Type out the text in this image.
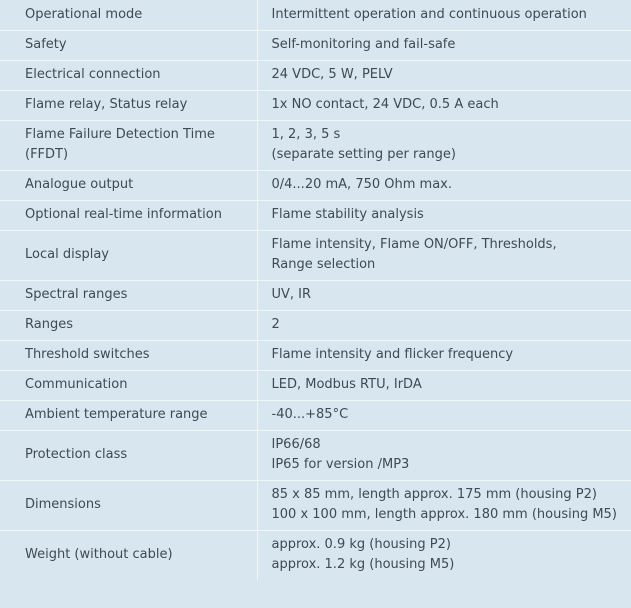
Operational mode	Intermittent operation and continuous operation

Safety	Self-monitoring and fail-safe

Electrical connection	24 VDC, 5 W, PELV

Flame relay, Status relay	1x NO contact, 24 VDC, 0.5 A each

Flame Failure Detection Time
(FFDT)	1, 2, 3, 5 s
(separate setting per range)

Analogue output	0/4...20 mA, 750 Ohm max.

Optional real-time information	Flame stability analysis

Local display	Flame intensity, Flame ON/OFF, Thresholds,
Range selection

Spectral ranges	UV, IR

Ranges	2

Threshold switches	Flame intensity and flicker frequency

Communication	LED, Modbus RTU, IrDA

Ambient temperature range	-40...+85°C

Protection class	IP66/68
IP65 for version /MP3

Dimensions	85 x 85 mm, length approx. 175 mm (housing P2)
100 x 100 mm, length approx. 180 mm (housing M5)

Weight (without cable)	approx. 0.9 kg (housing P2)
approx. 1.2 kg (housing M5)
